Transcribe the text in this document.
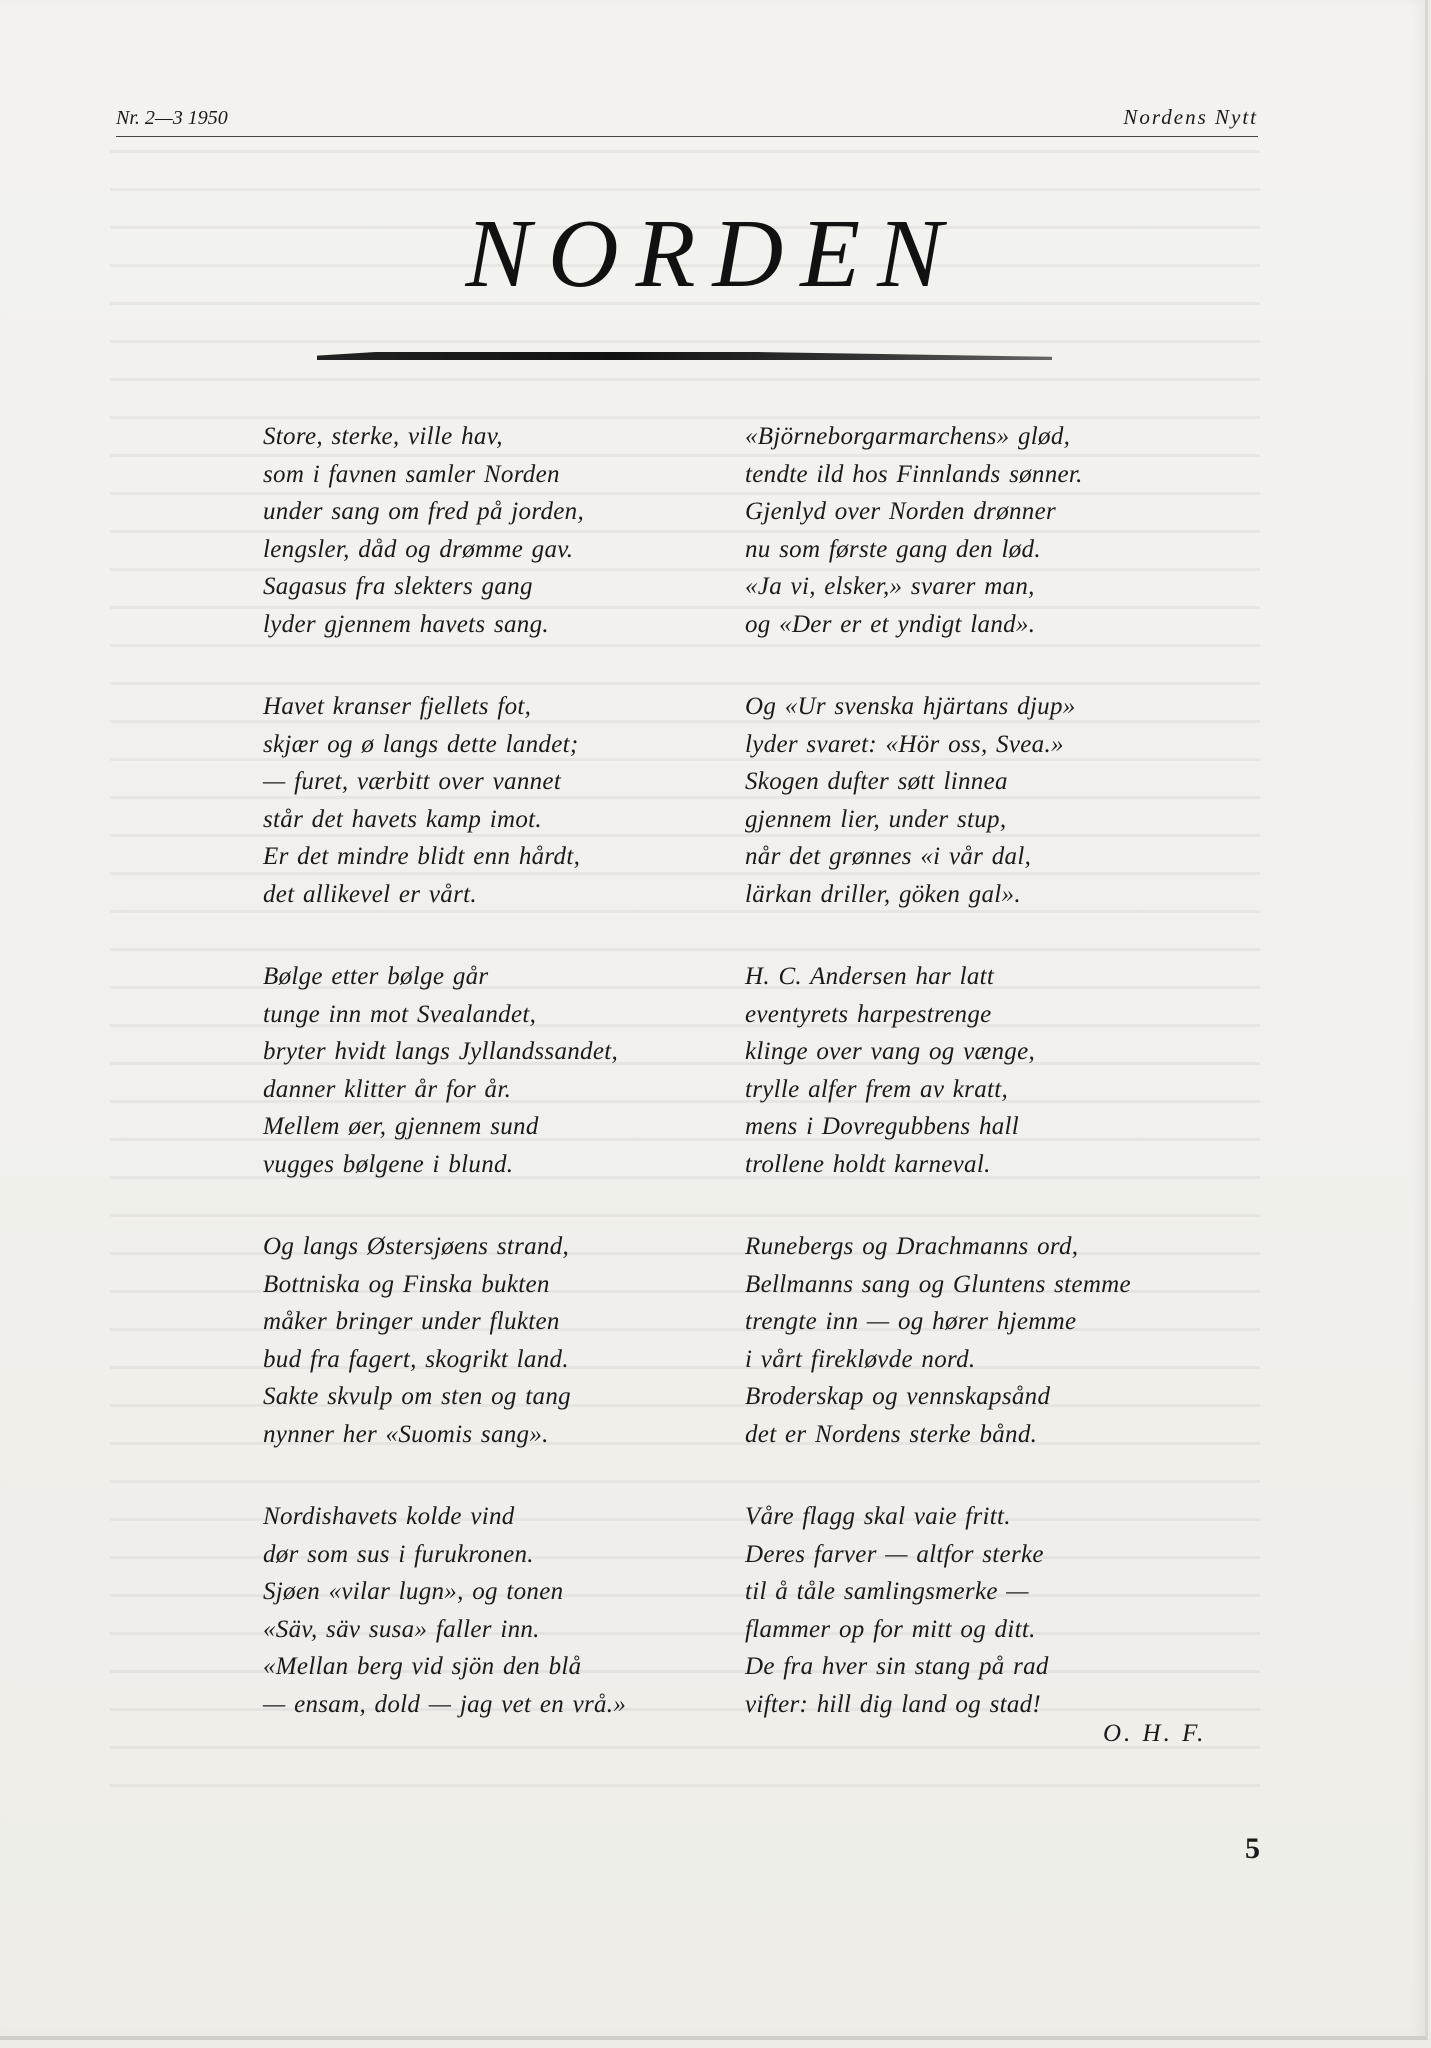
Nr. 2—3 1950	Nordens Nytt
NORDEN
Store, sterke, ville hav,
som i favnen samler Norden
under sang om fred på jorden,
lengsler, dåd og drømme gav.
Sagasus fra slekters gang
lyder gjennem havets sang.
Havet kranser fjellets fot,
skjær og ø langs dette landet;
— furet, værbitt over vannet
står det havets kamp imot.
Er det mindre blidt enn hårdt,
det allikevel er vårt.
Bølge etter bølge går
tunge inn mot Svealandet,
bryter hvidt langs Jyllandssandet,
danner klitter år for år.
Mellem øer, gjennem sund
vugges bølgene i blund.
Og langs Østersjøens strand,
Bottniska og Finska bukten
måker bringer under flukten
bud fra fagert, skogrikt land.
Sakte skvulp om sten og tang
nynner her «Suomis sang».
Nordishavets kolde vind
dør som sus i furukronen.
Sjøen «vilar lugn», og tonen
«Säv, säv susa» faller inn.
«Mellan berg vid sjön den blå
— ensam, dold — jag vet en vrå.»
«Björneborgarmarchens» glød,
tendte ild hos Finnlands sønner.
Gjenlyd over Norden drønner
nu som første gang den lød.
«Ja vi, elsker,» svarer man,
og «Der er et yndigt land».
Og «Ur svenska hjärtans djup»
lyder svaret: «Hör oss, Svea.»
Skogen dufter søtt linnea
gjennem lier, under stup,
når det grønnes «i vår dal,
lärkan driller, göken gal».
H. C. Andersen har latt
eventyrets harpestrenge
klinge over vang og vænge,
trylle alfer frem av kratt,
mens i Dovregubbens hall
trollene holdt karneval.
Runebergs og Drachmanns ord,
Bellmanns sang og Gluntens stemme
trengte inn — og hører hjemme
i vårt firekløvde nord.
Broderskap og vennskapsånd
det er Nordens sterke bånd.
Våre flagg skal vaie fritt.
Deres farver — altfor sterke
til å tåle samlingsmerke —
flammer op for mitt og ditt.
De fra hver sin stang på rad
vifter: hill dig land og stad!
O. H. F.
5
